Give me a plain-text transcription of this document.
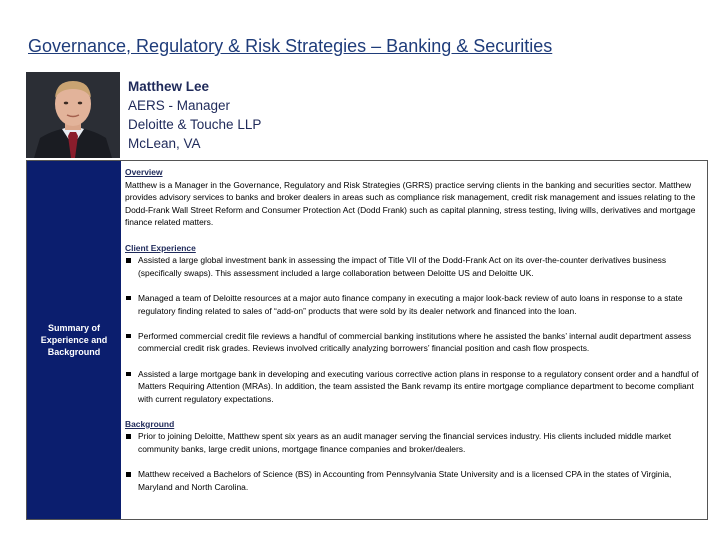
Governance, Regulatory & Risk Strategies – Banking & Securities
Matthew Lee
AERS - Manager
Deloitte & Touche LLP
McLean, VA
Summary of Experience and Background
Overview

Matthew is a Manager in the Governance, Regulatory and Risk Strategies (GRRS) practice serving clients in the banking and securities sector. Matthew provides advisory services to banks and broker dealers in areas such as compliance risk management, credit risk management and issues relating to the Dodd-Frank Wall Street Reform and Consumer Protection Act (Dodd Frank) such as capital planning, stress testing, living wills, derivatives and mortgage finance related matters.

Client Experience
Assisted a large global investment bank in assessing the impact of Title VII of the Dodd-Frank Act on its over-the-counter derivatives business (specifically swaps). This assessment included a large collaboration between Deloitte US and Deloitte UK.
Managed a team of Deloitte resources at a major auto finance company in executing a major look-back review of auto loans in response to a state regulatory finding related to sales of “add-on” products that were sold by its dealer network and financed into the loan.
Performed commercial credit file reviews a handful of commercial banking institutions where he assisted the banks’ internal audit department assess commercial credit risk grades. Reviews involved critically analyzing borrowers’ financial position and cash flow prospects.
Assisted a large mortgage bank in developing and executing various corrective action plans in response to a regulatory consent order and a handful of Matters Requiring Attention (MRAs). In addition, the team assisted the Bank revamp its entire mortgage compliance department to become compliant with current regulatory expectations.
Background
Prior to joining Deloitte, Matthew spent six years as an audit manager serving the financial services industry. His clients included middle market community banks, large credit unions, mortgage finance companies and broker/dealers.
Matthew received a Bachelors of Science (BS) in Accounting from Pennsylvania State University and is a licensed CPA in the states of Virginia, Maryland and North Carolina.
